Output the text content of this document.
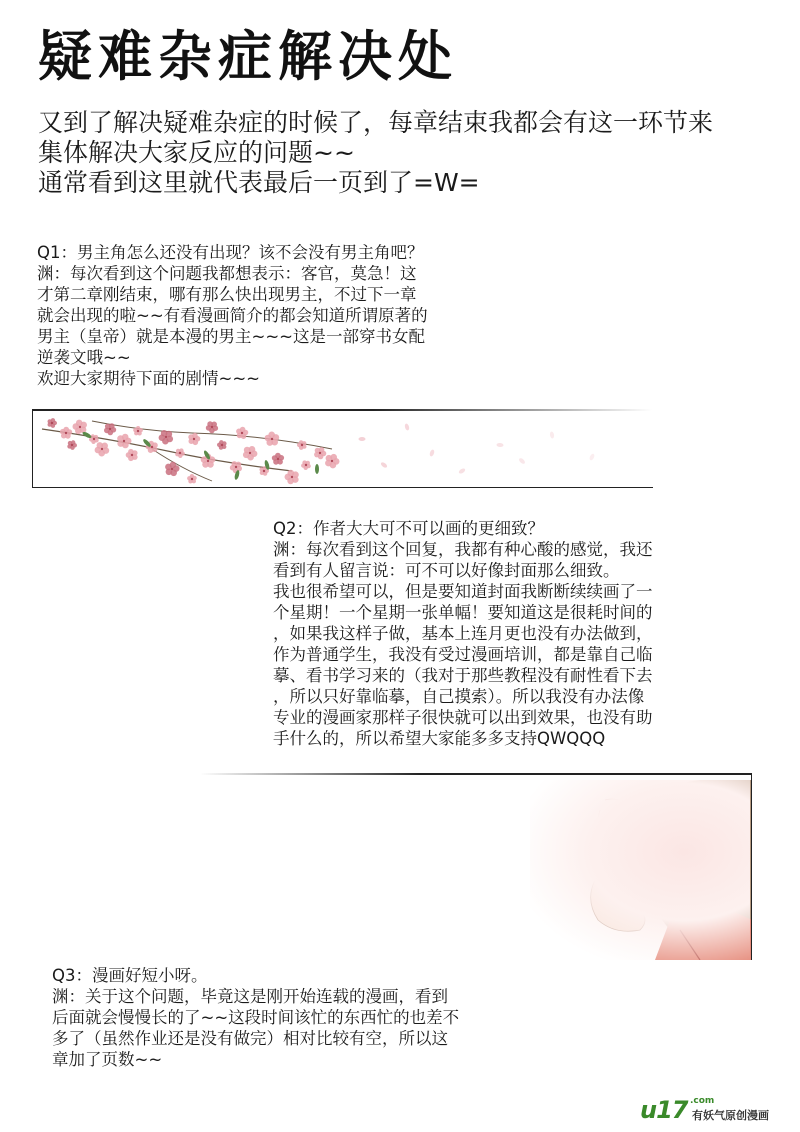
疑难杂症解决处
又到了解决疑难杂症的时候了，每章结束我都会有这一环节来
集体解决大家反应的问题~~
通常看到这里就代表最后一页到了=W=
Q1：男主角怎么还没有出现？该不会没有男主角吧？
渊：每次看到这个问题我都想表示：客官，莫急！这
才第二章刚结束，哪有那么快出现男主，不过下一章
就会出现的啦~~有看漫画简介的都会知道所谓原著的
男主（皇帝）就是本漫的男主~~~这是一部穿书女配
逆袭文哦~~
欢迎大家期待下面的剧情~~~
Q2：作者大大可不可以画的更细致？
渊：每次看到这个回复，我都有种心酸的感觉，我还
看到有人留言说：可不可以好像封面那么细致。
我也很希望可以，但是要知道封面我断断续续画了一
个星期！一个星期一张单幅！要知道这是很耗时间的
，如果我这样子做，基本上连月更也没有办法做到，
作为普通学生，我没有受过漫画培训，都是靠自己临
摹、看书学习来的（我对于那些教程没有耐性看下去
，所以只好靠临摹，自己摸索）。所以我没有办法像
专业的漫画家那样子很快就可以出到效果，也没有助
手什么的，所以希望大家能多多支持QWQQQ
Q3：漫画好短小呀。
渊：关于这个问题，毕竟这是刚开始连载的漫画，看到
后面就会慢慢长的了~~这段时间该忙的东西忙的也差不
多了（虽然作业还是没有做完）相对比较有空，所以这
章加了页数~~
u17 .com
有妖气原创漫画
